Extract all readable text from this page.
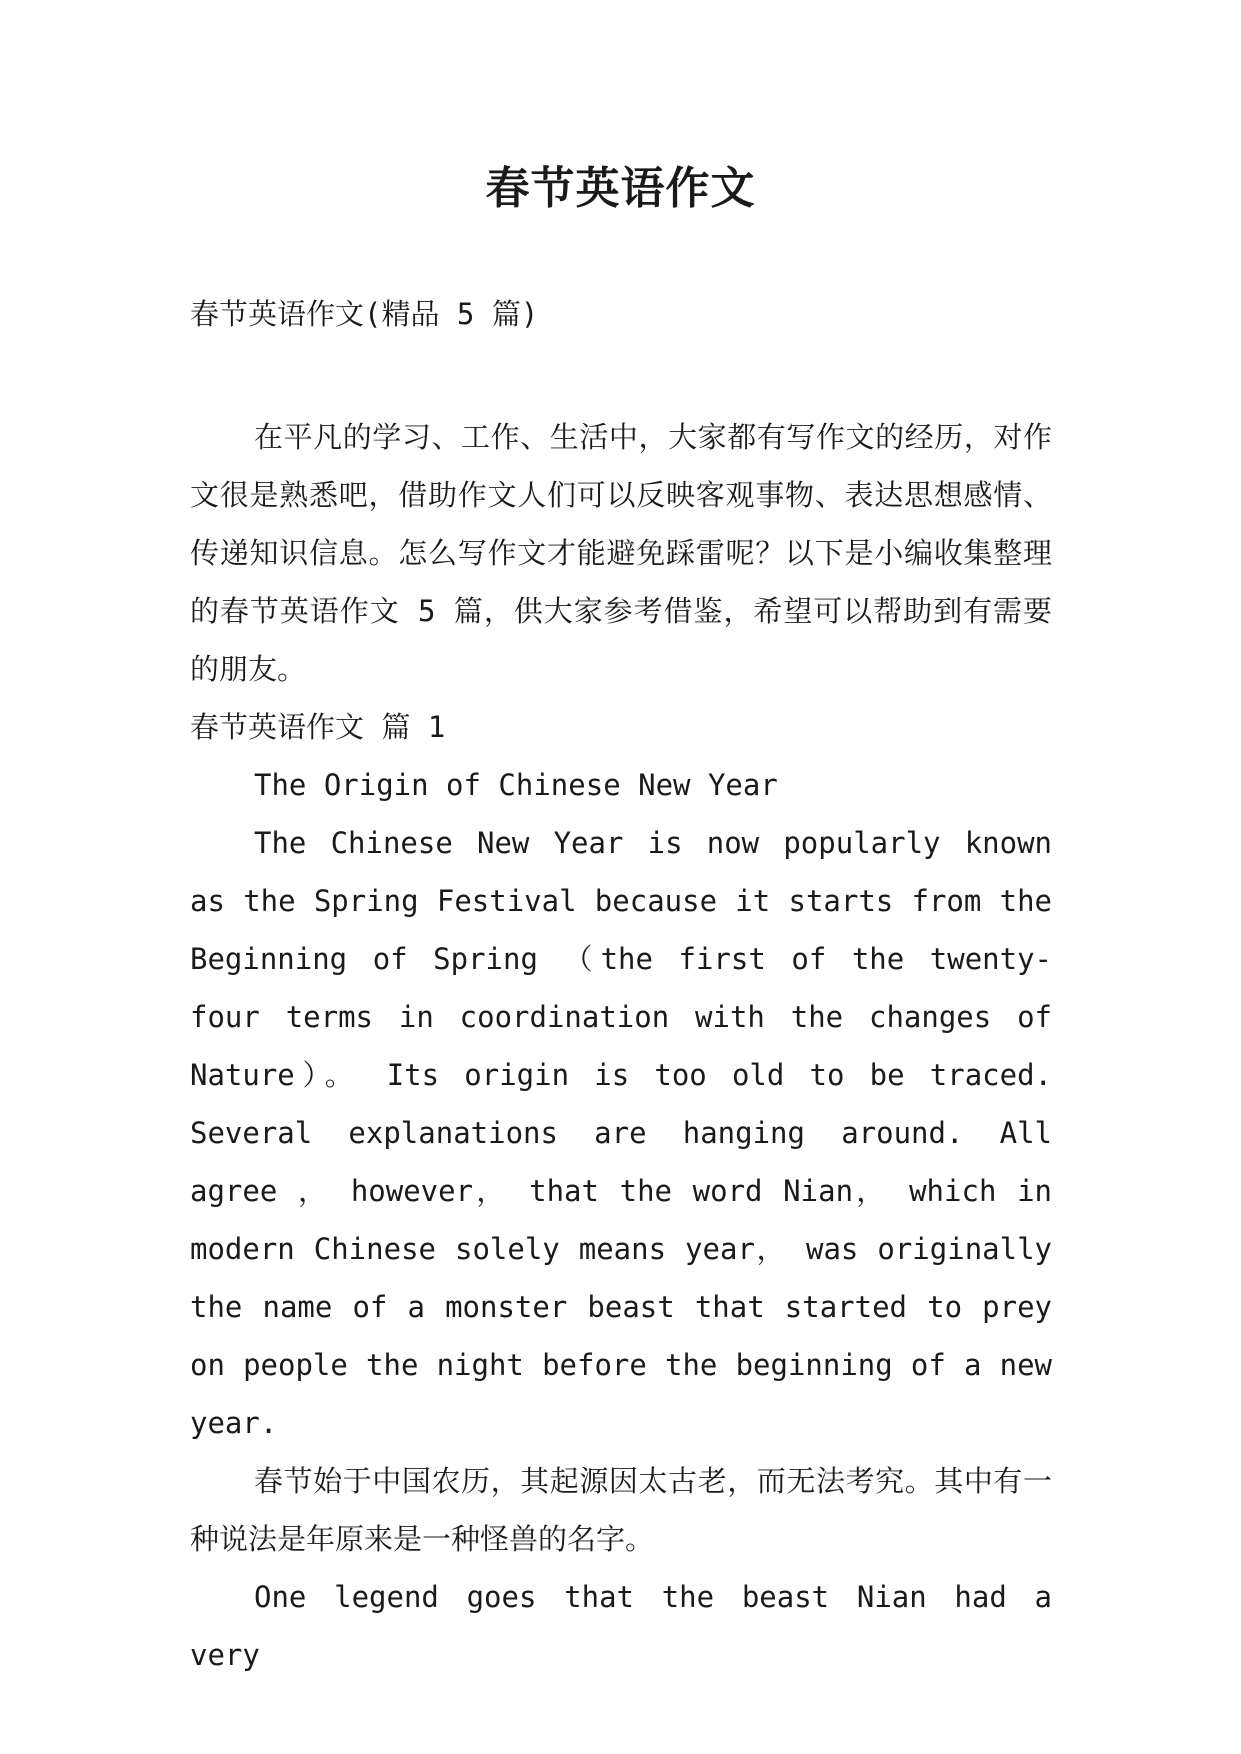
春节英语作文

春节英语作文(精品 5 篇)

在平凡的学习、工作、生活中，大家都有写作文的经历，对作文很是熟悉吧，借助作文人们可以反映客观事物、表达思想感情、传递知识信息。怎么写作文才能避免踩雷呢？以下是小编收集整理的春节英语作文 5 篇，供大家参考借鉴，希望可以帮助到有需要的朋友。

春节英语作文 篇 1

The Origin of Chinese New Year

The Chinese New Year is now popularly known as the Spring Festival because it starts from the Beginning of Spring （the first of the twenty-four terms in coordination with the changes of Nature）。 Its origin is too old to be traced. Several explanations are hanging around. All agree ， however， that the word Nian， which in modern Chinese solely means year， was originally the name of a monster beast that started to prey on people the night before the beginning of a new year.

春节始于中国农历，其起源因太古老，而无法考究。其中有一种说法是年原来是一种怪兽的名字。

One legend goes that the beast Nian had a very
